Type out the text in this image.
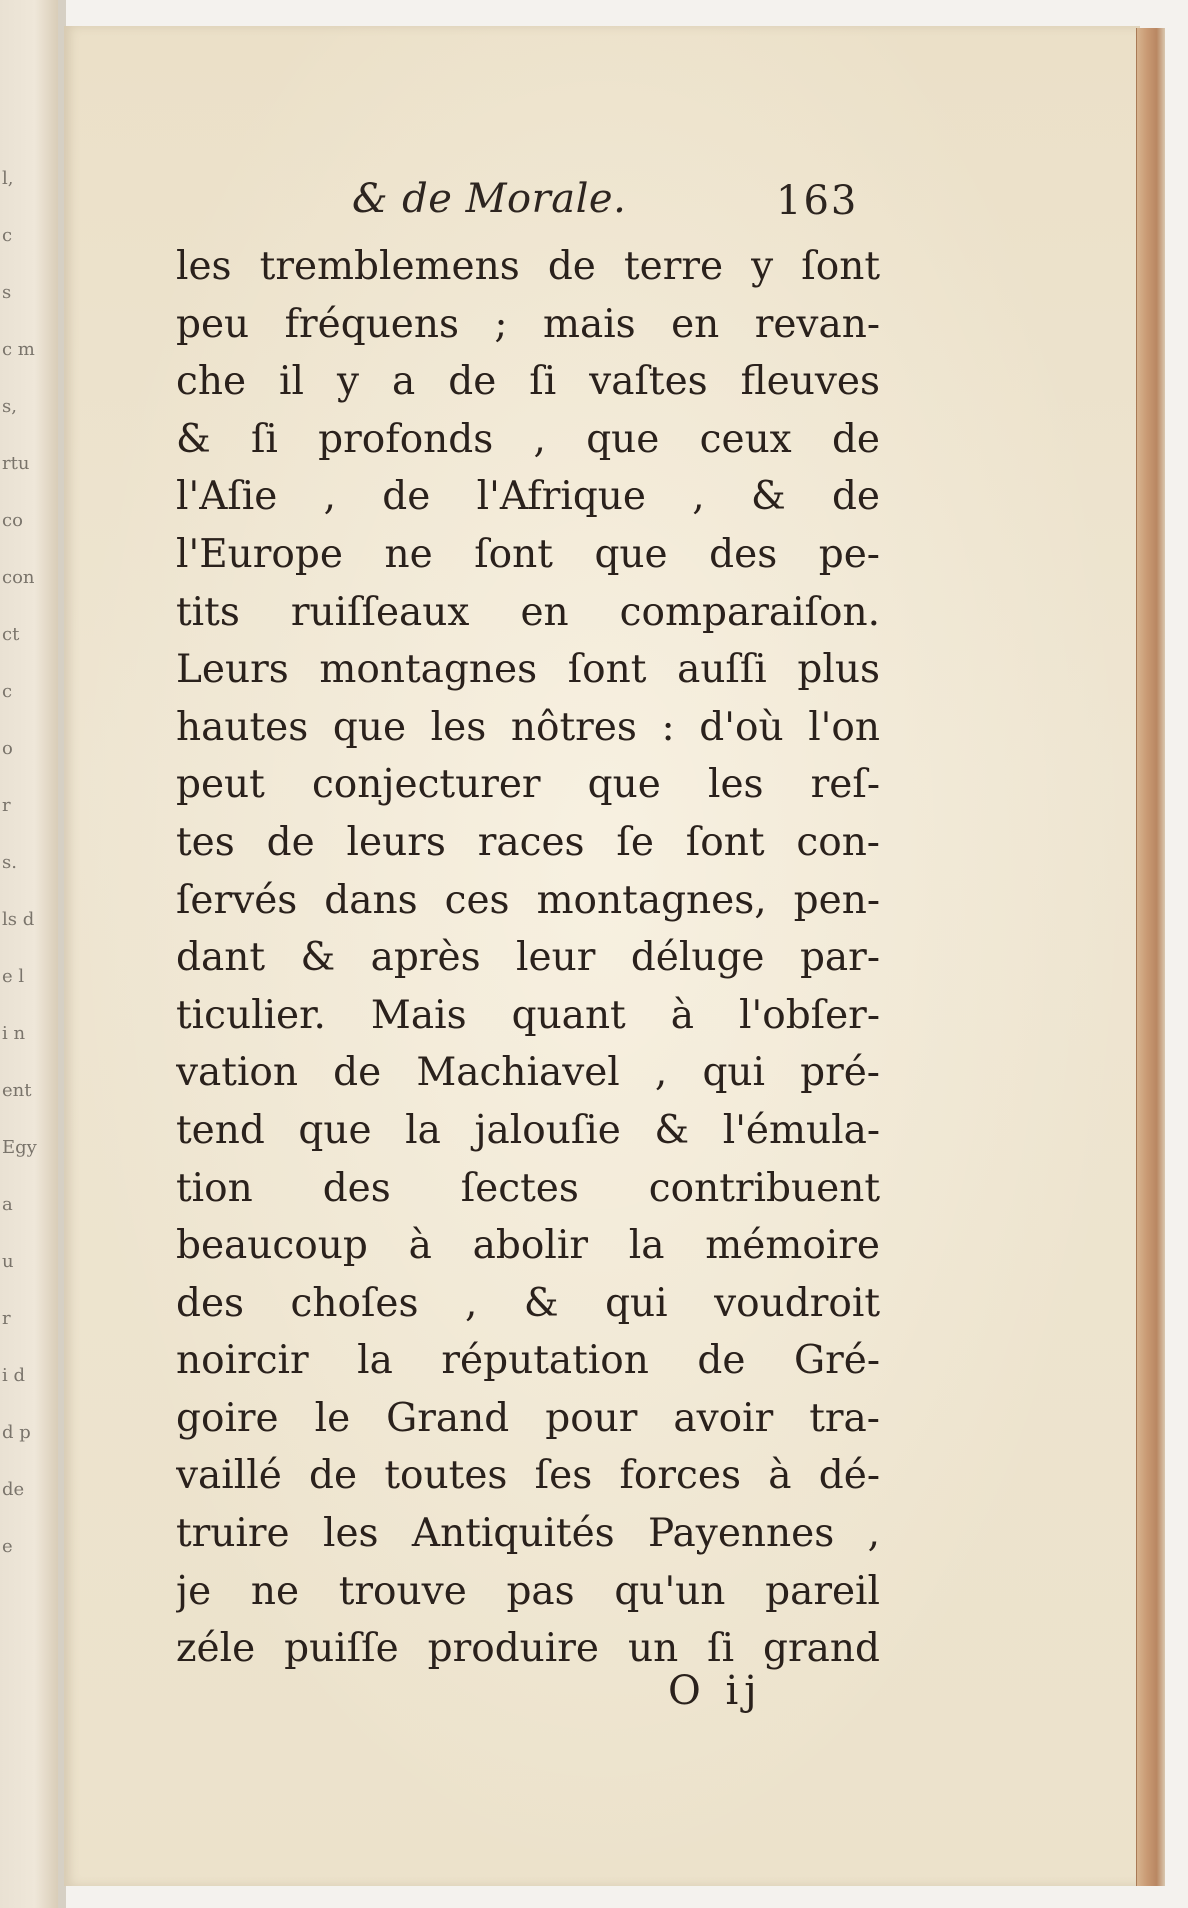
l,
c
s
c m
s,
rtu
co
con
ct
c
o
r
s.
ls d
e l
i n
ent
Egy
a
u
r
i d
d p
de
e
& de Morale.	163
les tremblemens de terre y ſont
peu fréquens ; mais en revan-
che il y a de ſi vaſtes fleuves
& ſi profonds , que ceux de
l'Aſie , de l'Afrique , & de
l'Europe ne ſont que des pe-
tits ruiſſeaux en comparaiſon.
Leurs montagnes ſont auſſi plus
hautes que les nôtres : d'où l'on
peut conjecturer que les reſ-
tes de leurs races ſe ſont con-
ſervés dans ces montagnes, pen-
dant & après leur déluge par-
ticulier. Mais quant à l'obſer-
vation de Machiavel , qui pré-
tend que la jalouſie & l'émula-
tion des ſectes contribuent
beaucoup à abolir la mémoire
des choſes , & qui voudroit
noircir la réputation de Gré-
goire le Grand pour avoir tra-
vaillé de toutes ſes forces à dé-
truire les Antiquités Payennes ,
je ne trouve pas qu'un pareil
zéle puiſſe produire un ſi grand
O ij
